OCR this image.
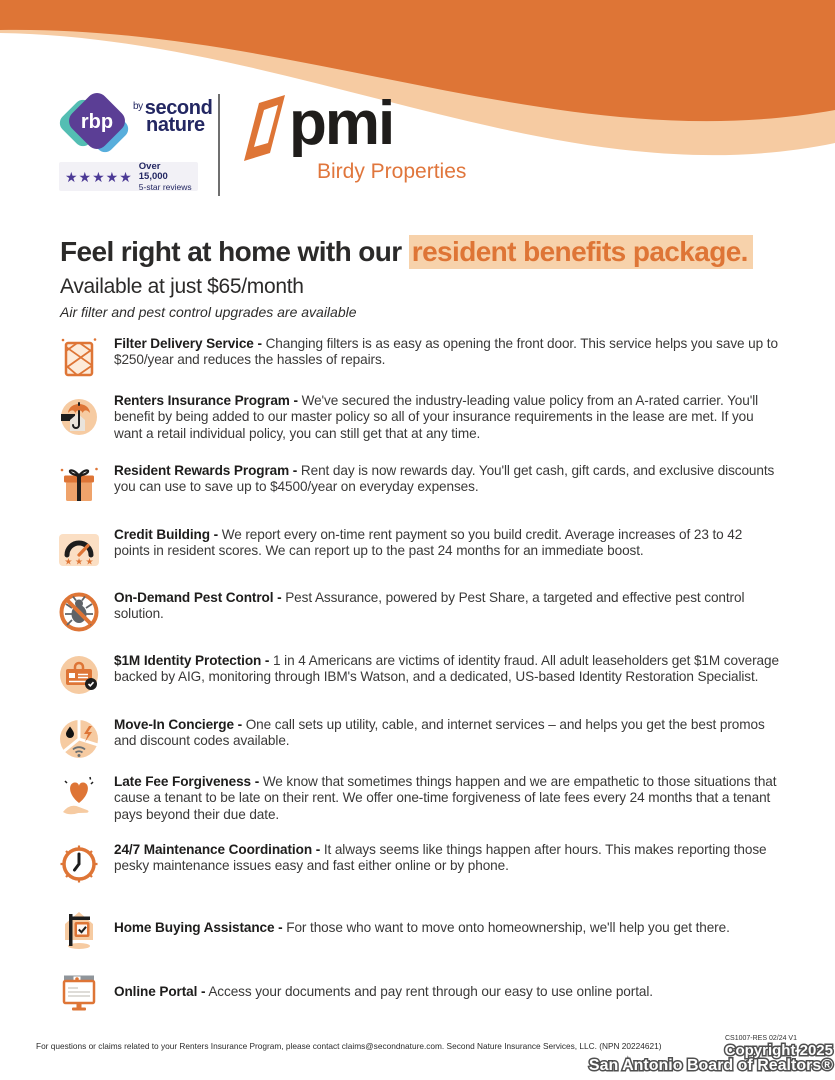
rbp
by second
nature
★★★★★
Over 15,000
5-star reviews
pmi
Birdy Properties
Feel right at home with our resident benefits package.
Available at just $65/month
Air filter and pest control upgrades are available

Filter Delivery Service - Changing filters is as easy as opening the front door. This service helps you save up to $250/year and reduces the hassles of repairs.

Renters Insurance Program - We've secured the industry-leading value policy from an A-rated carrier. You'll benefit by being added to our master policy so all of your insurance requirements in the lease are met. If you want a retail individual policy, you can still get that at any time.

Resident Rewards Program - Rent day is now rewards day. You'll get cash, gift cards, and exclusive discounts you can use to save up to $4500/year on everyday expenses.

★ ★ ★

Credit Building - We report every on-time rent payment so you build credit. Average increases of 23 to 42 points in resident scores. We can report up to the past 24 months for an immediate boost.

On-Demand Pest Control - Pest Assurance, powered by Pest Share, a targeted and effective pest control solution.

$1M Identity Protection - 1 in 4 Americans are victims of identity fraud. All adult leaseholders get $1M coverage backed by AIG, monitoring through IBM's Watson, and a dedicated, US-based Identity Restoration Specialist.

Move-In Concierge - One call sets up utility, cable, and internet services – and helps you get the best promos and discount codes available.

Late Fee Forgiveness - We know that sometimes things happen and we are empathetic to those situations that cause a tenant to be late on their rent. We offer one-time forgiveness of late fees every 24 months that a tenant pays beyond their due date.

24/7 Maintenance Coordination - It always seems like things happen after hours. This makes reporting those pesky maintenance issues easy and fast either online or by phone.

Home Buying Assistance - For those who want to move onto homeownership, we'll help you get there.

Online Portal - Access your documents and pay rent through our easy to use online portal.

For questions or claims related to your Renters Insurance Program, please contact claims@secondnature.com. Second Nature Insurance Services, LLC. (NPN 20224621)
CS1007-RES 02/24 V1
Copyright 2025
San Antonio Board of Realtors®
